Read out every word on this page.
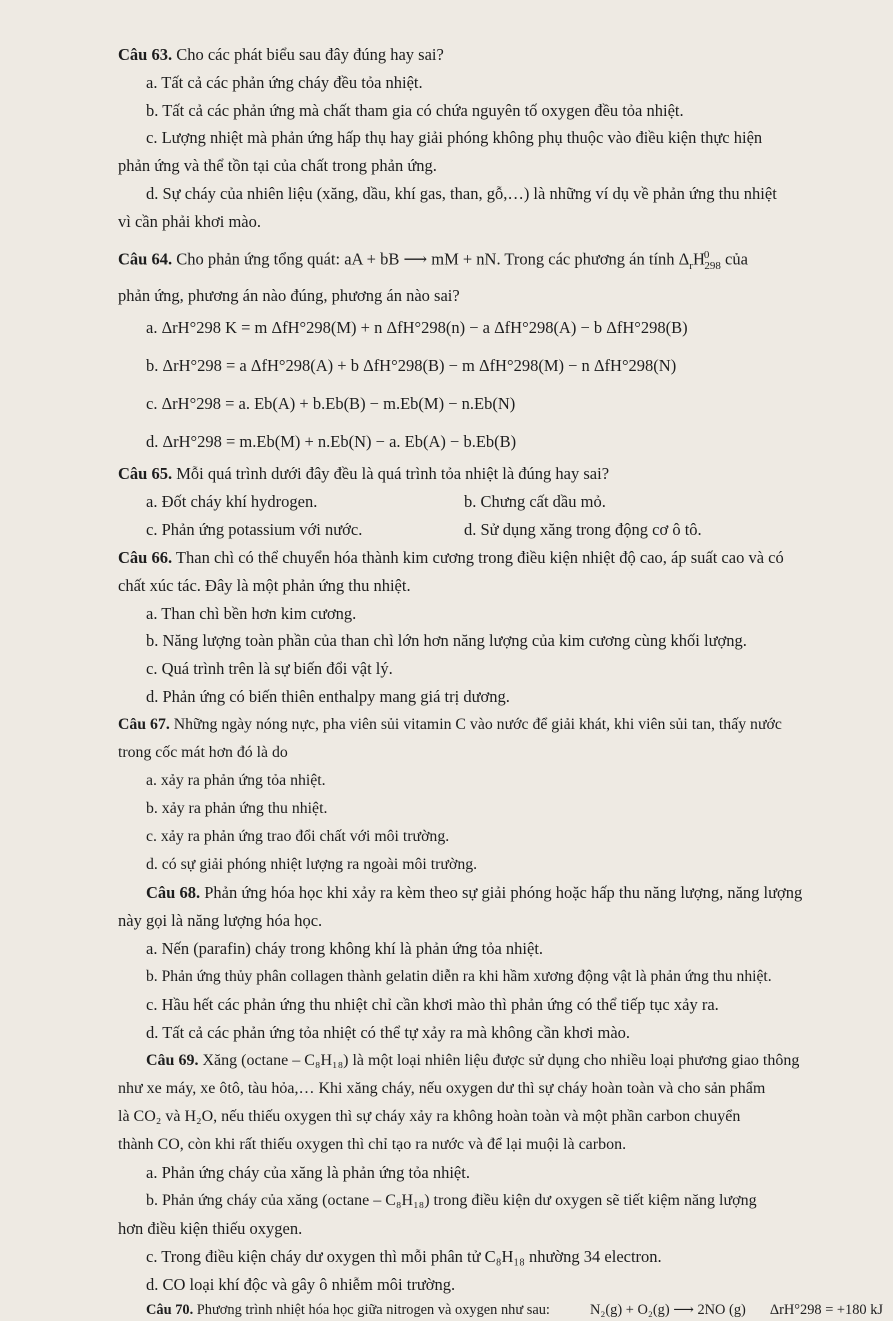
Câu 63. Cho các phát biểu sau đây đúng hay sai?
a. Tất cả các phản ứng cháy đều tỏa nhiệt.
b. Tất cả các phản ứng mà chất tham gia có chứa nguyên tố oxygen đều tỏa nhiệt.
c. Lượng nhiệt mà phản ứng hấp thụ hay giải phóng không phụ thuộc vào điều kiện thực hiện
phản ứng và thể tồn tại của chất trong phản ứng.
d. Sự cháy của nhiên liệu (xăng, dầu, khí gas, than, gỗ,…) là những ví dụ về phản ứng thu nhiệt
vì cần phải khơi mào.
Câu 64. Cho phản ứng tổng quát: aA + bB ⟶ mM + nN. Trong các phương án tính $\Delta_rH^0_{298}$ của
phản ứng, phương án nào đúng, phương án nào sai?
a. ΔrH°298 K = m ΔfH°298(M) + n ΔfH°298(n) − a ΔfH°298(A) − b ΔfH°298(B)
b. ΔrH°298 = a ΔfH°298(A) + b ΔfH°298(B) − m ΔfH°298(M) − n ΔfH°298(N)
c. ΔrH°298 = a. Eb(A) + b.Eb(B) − m.Eb(M) − n.Eb(N)
d. ΔrH°298 = m.Eb(M) + n.Eb(N) − a. Eb(A) − b.Eb(B)
Câu 65. Mỗi quá trình dưới đây đều là quá trình tỏa nhiệt là đúng hay sai?
a. Đốt cháy khí hydrogen.	b. Chưng cất dầu mỏ.
c. Phản ứng potassium với nước.	d. Sử dụng xăng trong động cơ ô tô.
Câu 66. Than chì có thể chuyển hóa thành kim cương trong điều kiện nhiệt độ cao, áp suất cao và có
chất xúc tác. Đây là một phản ứng thu nhiệt.
a. Than chì bền hơn kim cương.
b. Năng lượng toàn phần của than chì lớn hơn năng lượng của kim cương cùng khối lượng.
c. Quá trình trên là sự biến đổi vật lý.
d. Phản ứng có biến thiên enthalpy mang giá trị dương.
Câu 67. Những ngày nóng nực, pha viên sủi vitamin C vào nước để giải khát, khi viên sủi tan, thấy nước
trong cốc mát hơn đó là do
a. xảy ra phản ứng tỏa nhiệt.
b. xảy ra phản ứng thu nhiệt.
c. xảy ra phản ứng trao đổi chất với môi trường.
d. có sự giải phóng nhiệt lượng ra ngoài môi trường.
Câu 68. Phản ứng hóa học khi xảy ra kèm theo sự giải phóng hoặc hấp thu năng lượng, năng lượng
này gọi là năng lượng hóa học.
a. Nến (parafin) cháy trong không khí là phản ứng tỏa nhiệt.
b. Phản ứng thủy phân collagen thành gelatin diễn ra khi hầm xương động vật là phản ứng thu nhiệt.
c. Hầu hết các phản ứng thu nhiệt chỉ cần khơi mào thì phản ứng có thể tiếp tục xảy ra.
d. Tất cả các phản ứng tỏa nhiệt có thể tự xảy ra mà không cần khơi mào.
Câu 69. Xăng (octane – C₈H₁₈) là một loại nhiên liệu được sử dụng cho nhiều loại phương giao thông
như xe máy, xe ôtô, tàu hỏa,… Khi xăng cháy, nếu oxygen dư thì sự cháy hoàn toàn và cho sản phẩm
là CO₂ và H₂O, nếu thiếu oxygen thì sự cháy xảy ra không hoàn toàn và một phần carbon chuyển
thành CO, còn khi rất thiếu oxygen thì chỉ tạo ra nước và để lại muội là carbon.
a. Phản ứng cháy của xăng là phản ứng tỏa nhiệt.
b. Phản ứng cháy của xăng (octane – C₈H₁₈) trong điều kiện dư oxygen sẽ tiết kiệm năng lượng
hơn điều kiện thiếu oxygen.
c. Trong điều kiện cháy dư oxygen thì mỗi phân tử C₈H₁₈ nhường 34 electron.
d. CO loại khí độc và gây ô nhiễm môi trường.
Câu 70. Phương trình nhiệt hóa học giữa nitrogen và oxygen như sau:	N₂(g) + O₂(g) ⟶ 2NO (g) ΔrH°298 = +180 kJ
